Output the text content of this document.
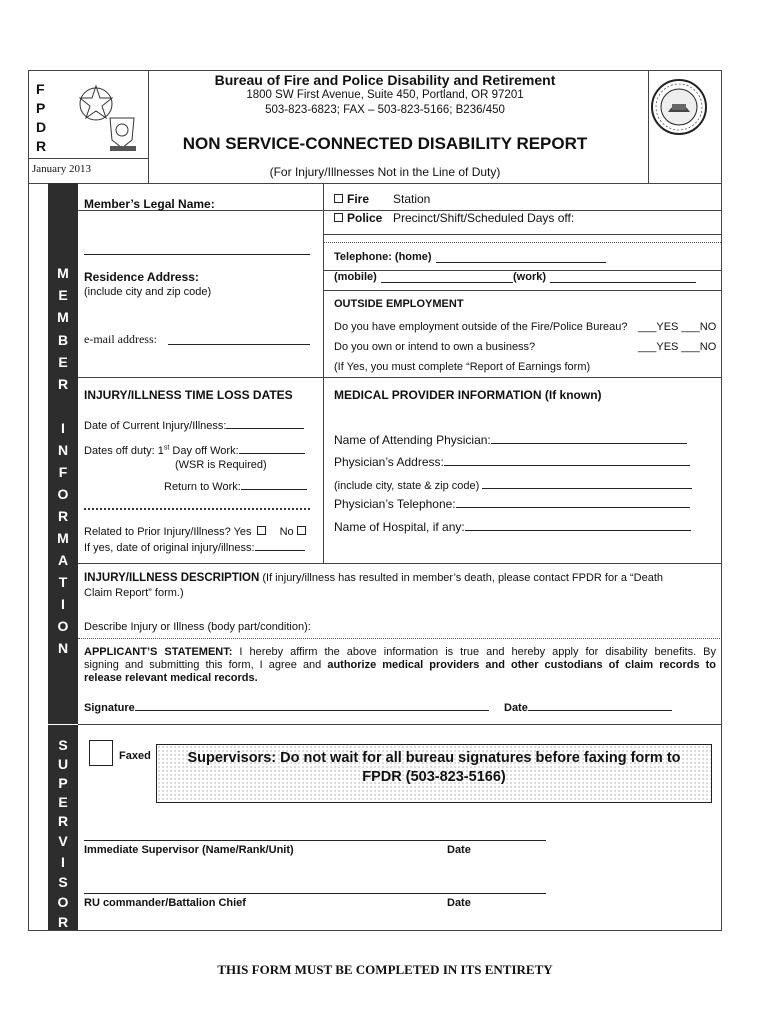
F
P
D
R
Bureau of Fire and Police Disability and Retirement
1800 SW First Avenue, Suite 450, Portland, OR 97201
503-823-6823; FAX – 503-823-5166; B236/450
NON SERVICE-CONNECTED DISABILITY REPORT
(For Injury/Illnesses Not in the Line of Duty)
January 2013
M
E
M
B
E
R
I
N
F
O
R
M
A
T
I
O
N
S
U
P
E
R
V
I
S
O
R
Member’s Legal Name:
Residence Address:
(include city and zip code)
e-mail address:
Fire Station
Police Precinct/Shift/Scheduled Days off:
Telephone: (home)
(mobile)	(work)
OUTSIDE EMPLOYMENT
Do you have employment outside of the Fire/Police Bureau? ___YES ___NO
Do you own or intend to own a business?	___YES ___NO
(If Yes, you must complete “Report of Earnings form)
INJURY/ILLNESS TIME LOSS DATES
Date of Current Injury/Illness:
Dates off duty: 1st Day off Work:
(WSR is Required)
Return to Work:
Related to Prior Injury/Illness? Yes	No
If yes, date of original injury/illness:
MEDICAL PROVIDER INFORMATION (If known)
Name of Attending Physician:
Physician’s Address:
(include city, state & zip code)
Physician’s Telephone:
Name of Hospital, if any:
INJURY/ILLNESS DESCRIPTION (If injury/illness has resulted in member’s death, please contact FPDR for a “Death
Claim Report” form.)
Describe Injury or Illness (body part/condition):
APPLICANT’S STATEMENT: I hereby affirm the above information is true and hereby apply for disability benefits. By
signing and submitting this form, I agree and authorize medical providers and other custodians of claim records to
release relevant medical records.
Signature	Date
Faxed	Supervisors: Do not wait for all bureau signatures before faxing form to
FPDR (503-823-5166)
Immediate Supervisor (Name/Rank/Unit)	Date
RU commander/Battalion Chief	Date
THIS FORM MUST BE COMPLETED IN ITS ENTIRETY
